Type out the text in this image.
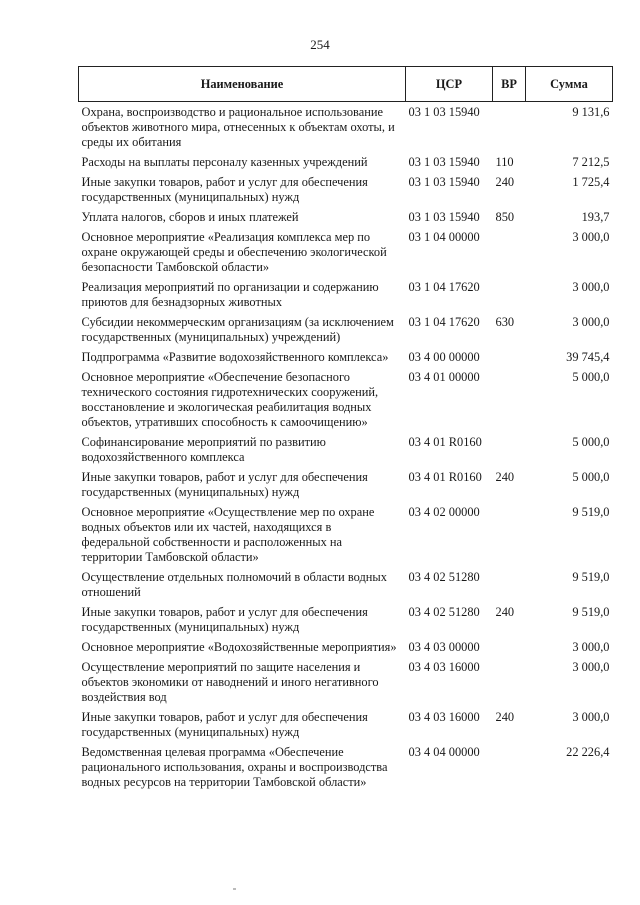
254
Наименование	ЦСР	ВР	Сумма
Охрана, воспроизводство и рациональное использование объектов животного мира, отнесенных к объектам охоты, и среды их обитания	03 1 03 15940		9 131,6
Расходы на выплаты персоналу казенных учреждений	03 1 03 15940	110	7 212,5
Иные закупки товаров, работ и услуг для обеспечения государственных (муниципальных) нужд	03 1 03 15940	240	1 725,4
Уплата налогов, сборов и иных платежей	03 1 03 15940	850	193,7
Основное мероприятие «Реализация комплекса мер по охране окружающей среды и обеспечению экологической безопасности Тамбовской области»	03 1 04 00000		3 000,0
Реализация мероприятий по организации и содержанию приютов для безнадзорных животных	03 1 04 17620		3 000,0
Субсидии некоммерческим организациям (за исключением государственных (муниципальных) учреждений)	03 1 04 17620	630	3 000,0
Подпрограмма «Развитие водохозяйственного комплекса»	03 4 00 00000		39 745,4
Основное мероприятие «Обеспечение безопасного технического состояния гидротехнических сооружений, восстановление и экологическая реабилитация водных объектов, утративших способность к самоочищению»	03 4 01 00000		5 000,0
Софинансирование мероприятий по развитию водохозяйственного комплекса	03 4 01 R0160		5 000,0
Иные закупки товаров, работ и услуг для обеспечения государственных (муниципальных) нужд	03 4 01 R0160	240	5 000,0
Основное мероприятие «Осуществление мер по охране водных объектов или их частей, находящихся в федеральной собственности и расположенных на территории Тамбовской области»	03 4 02 00000		9 519,0
Осуществление отдельных полномочий в области водных отношений	03 4 02 51280		9 519,0
Иные закупки товаров, работ и услуг для обеспечения государственных (муниципальных) нужд	03 4 02 51280	240	9 519,0
Основное мероприятие «Водохозяйственные мероприятия»	03 4 03 00000		3 000,0
Осуществление мероприятий по защите населения и объектов экономики от наводнений и иного негативного воздействия вод	03 4 03 16000		3 000,0
Иные закупки товаров, работ и услуг для обеспечения государственных (муниципальных) нужд	03 4 03 16000	240	3 000,0
Ведомственная целевая программа «Обеспечение рационального использования, охраны и воспроизводства водных ресурсов на территории Тамбовской области»	03 4 04 00000		22 226,4
